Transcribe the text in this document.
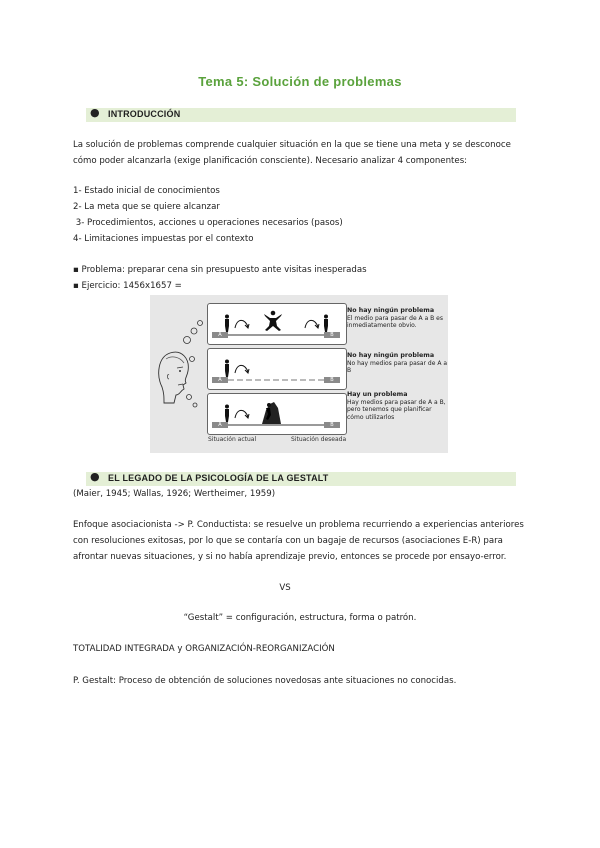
Tema 5: Solución de problemas
● INTRODUCCIÓN
La solución de problemas comprende cualquier situación en la que se tiene una meta y se desconoce cómo poder alcanzarla (exige planificación consciente). Necesario analizar 4 componentes:
1- Estado inicial de conocimientos
2- La meta que se quiere alcanzar
3- Procedimientos, acciones u operaciones necesarios (pasos)
4- Limitaciones impuestas por el contexto
▪ Problema: preparar cena sin presupuesto ante visitas inesperadas
▪ Ejercicio: 1456x1657 =
A	B
No hay ningún problema
El medio para pasar de A a B es inmediatamente obvio.
A	B
No hay ningún problema
No hay medios para pasar de A a B
A	B
Hay un problema
Hay medios para pasar de A a B, pero tenemos que planificar cómo utilizarlos
Situación actual	Situación deseada
● EL LEGADO DE LA PSICOLOGÍA DE LA GESTALT
(Maier, 1945; Wallas, 1926; Wertheimer, 1959)
Enfoque asociacionista -> P. Conductista: se resuelve un problema recurriendo a experiencias anteriores con resoluciones exitosas, por lo que se contaría con un bagaje de recursos (asociaciones E-R) para afrontar nuevas situaciones, y si no había aprendizaje previo, entonces se procede por ensayo-error.
VS
“Gestalt” = configuración, estructura, forma o patrón.
TOTALIDAD INTEGRADA y ORGANIZACIÓN-REORGANIZACIÓN
P. Gestalt: Proceso de obtención de soluciones novedosas ante situaciones no conocidas.
